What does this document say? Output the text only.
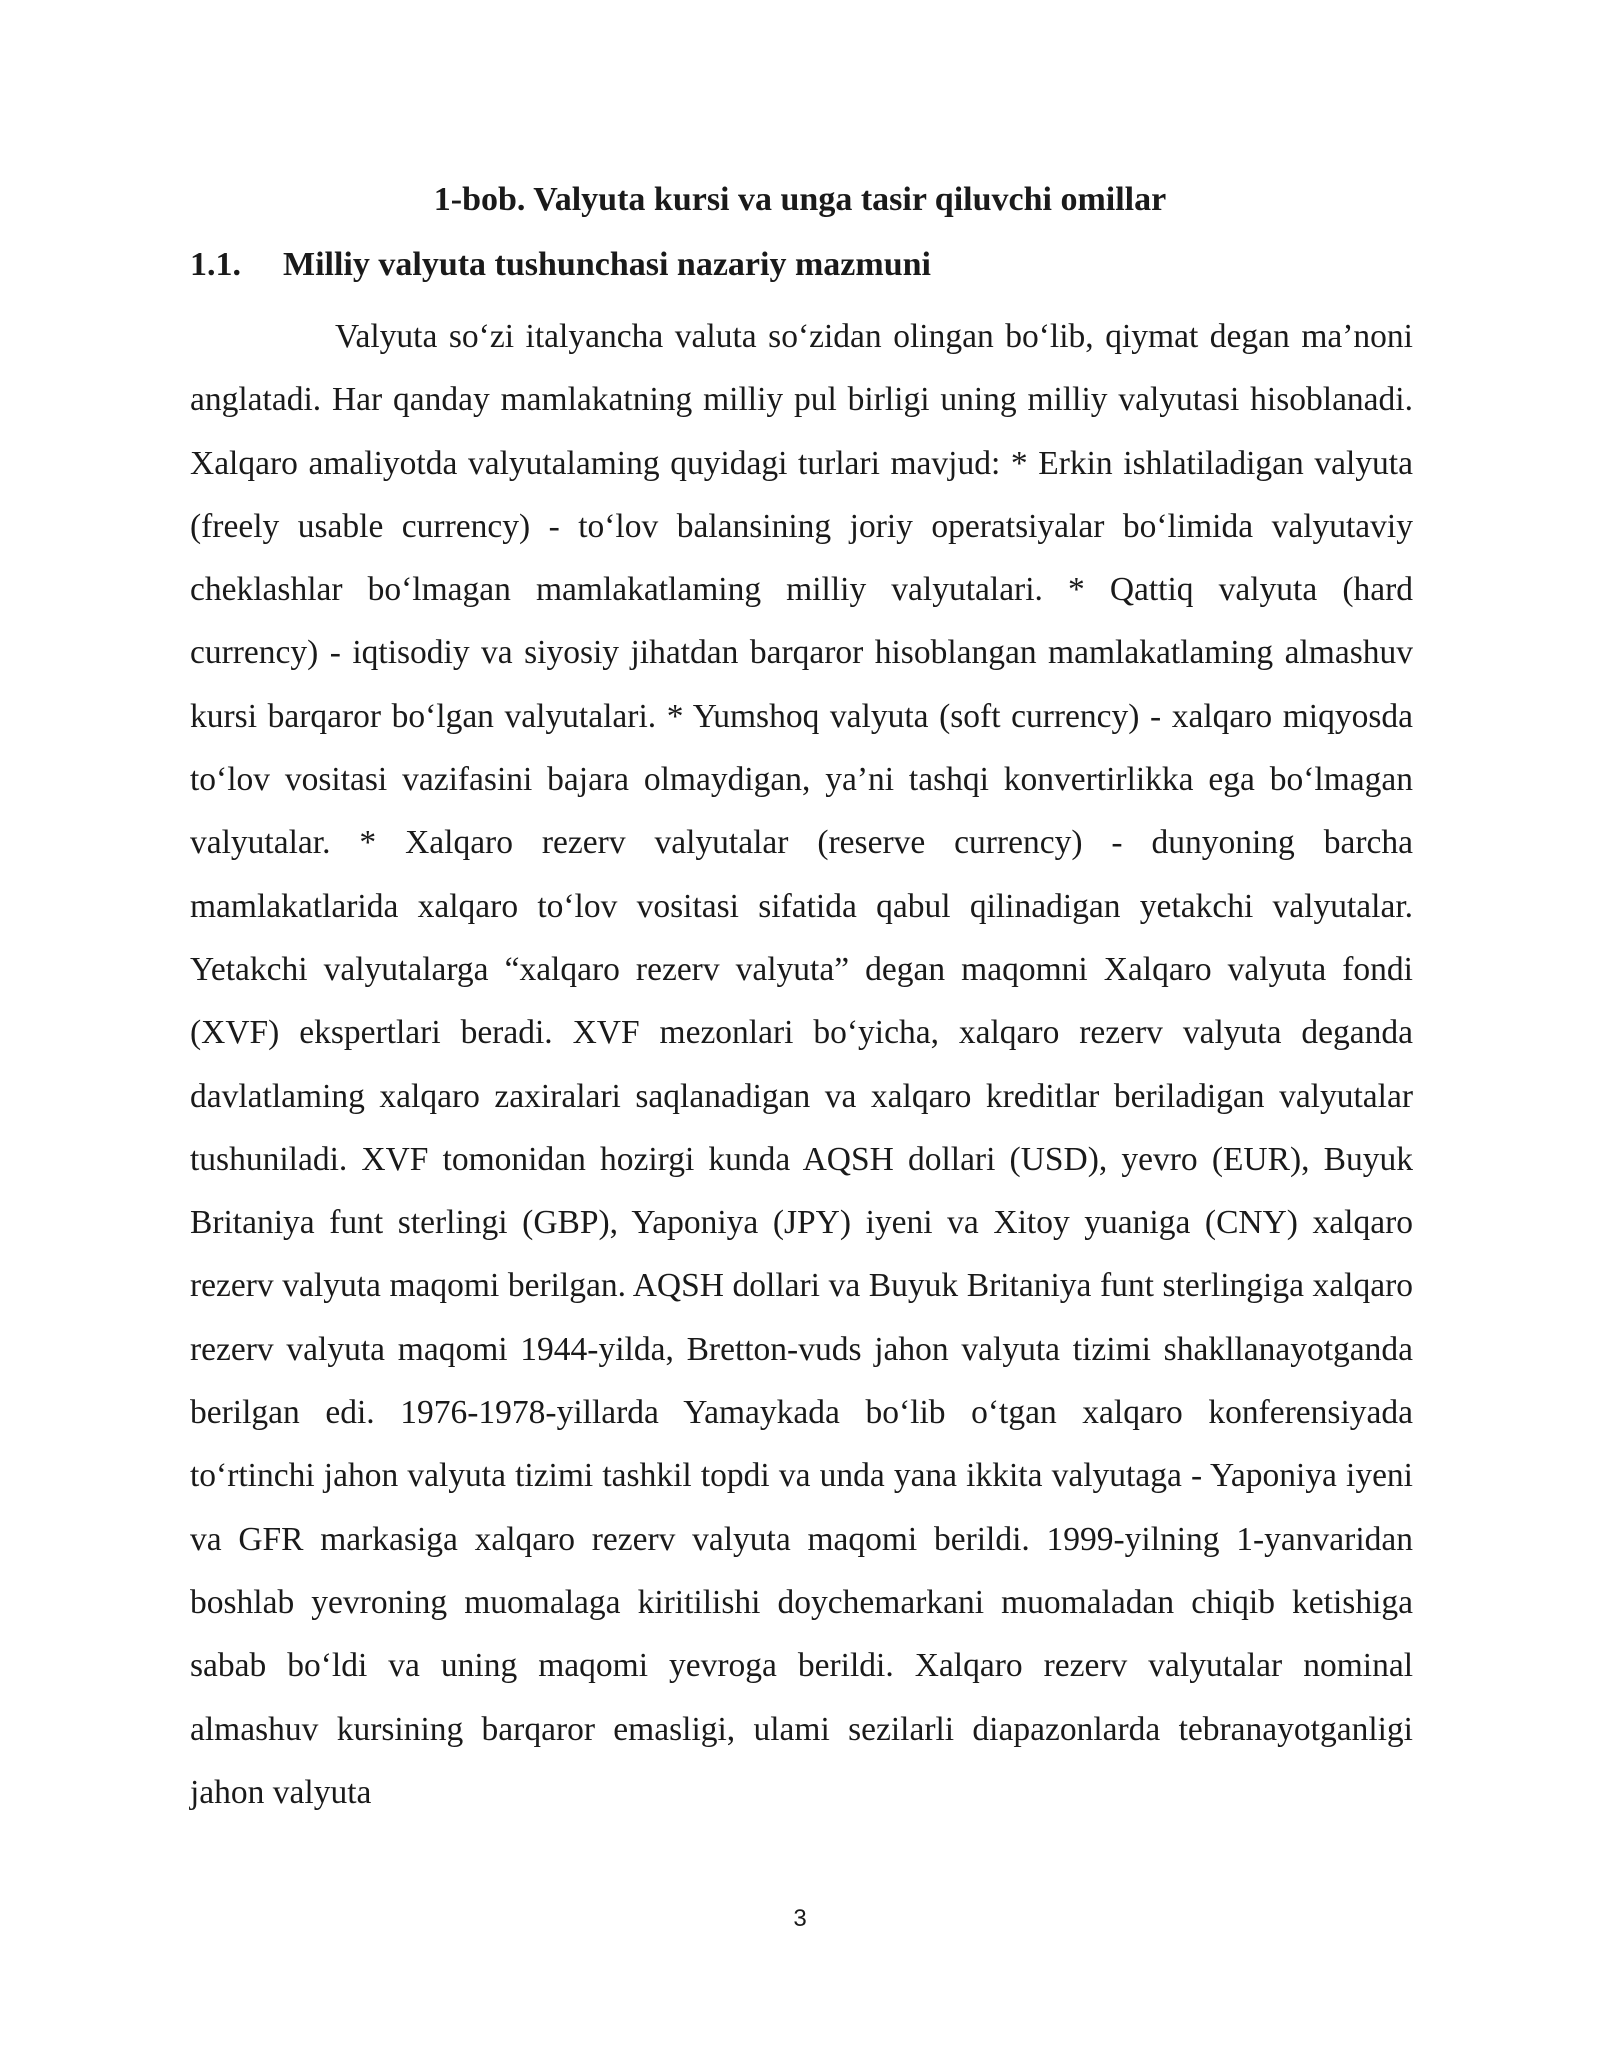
1-bob. Valyuta kursi va unga tasir qiluvchi omillar
1.1. Milliy valyuta tushunchasi nazariy mazmuni

Valyuta so‘zi italyancha valuta so‘zidan olingan bo‘lib, qiymat degan ma’noni anglatadi. Har qanday mamlakatning milliy pul birligi uning milliy valyutasi hisoblanadi. Xalqaro amaliyotda valyutalaming quyidagi turlari mavjud: * Erkin ishlatiladigan valyuta (freely usable currency) - to‘lov balansining joriy operatsiyalar bo‘limida valyutaviy cheklashlar bo‘lmagan mamlakatlaming milliy valyutalari. * Qattiq valyuta (hard currency) - iqtisodiy va siyosiy jihatdan barqaror hisoblangan mamlakatlaming almashuv kursi barqaror bo‘lgan valyutalari. * Yumshoq valyuta (soft currency) - xalqaro miqyosda to‘lov vositasi vazifasini bajara olmaydigan, ya’ni tashqi konvertirlikka ega bo‘lmagan valyutalar. * Xalqaro rezerv valyutalar (reserve currency) - dunyoning barcha mamlakatlarida xalqaro to‘lov vositasi sifatida qabul qilinadigan yetakchi valyutalar. Yetakchi valyutalarga “xalqaro rezerv valyuta” degan maqomni Xalqaro valyuta fondi (XVF) ekspertlari beradi. XVF mezonlari bo‘yicha, xalqaro rezerv valyuta deganda davlatlaming xalqaro zaxiralari saqlanadigan va xalqaro kreditlar beriladigan valyutalar tushuniladi. XVF tomonidan hozirgi kunda AQSH dollari (USD), yevro (EUR), Buyuk Britaniya funt sterlingi (GBP), Yaponiya (JPY) iyeni va Xitoy yuaniga (CNY) xalqaro rezerv valyuta maqomi berilgan. AQSH dollari va Buyuk Britaniya funt sterlingiga xalqaro rezerv valyuta maqomi 1944-yilda, Bretton-vuds jahon valyuta tizimi shakllanayotganda berilgan edi. 1976-1978-yillarda Yamaykada bo‘lib o‘tgan xalqaro konferensiyada to‘rtinchi jahon valyuta tizimi tashkil topdi va unda yana ikkita valyutaga - Yaponiya iyeni va GFR markasiga xalqaro rezerv valyuta maqomi berildi. 1999-yilning 1-yanvaridan boshlab yevroning muomalaga kiritilishi doychemarkani muomaladan chiqib ketishiga sabab bo‘ldi va uning maqomi yevroga berildi. Xalqaro rezerv valyutalar nominal almashuv kursining barqaror emasligi, ulami sezilarli diapazonlarda tebranayotganligi jahon valyuta

3
